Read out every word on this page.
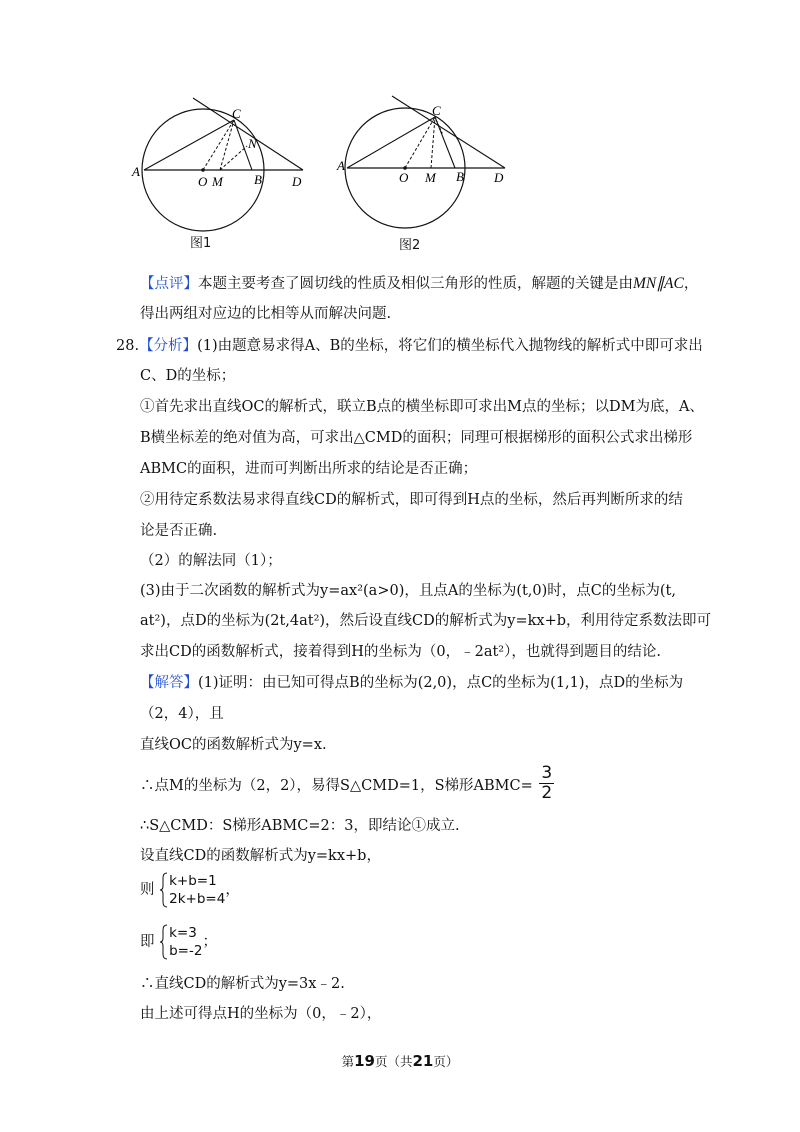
A
C
N
O M B D
图1
A
C
O M B D
图2
【点评】本题主要考查了圆切线的性质及相似三角形的性质，解题的关键是由MN∥AC，
得出两组对应边的比相等从而解决问题.
28.【分析】(1)由题意易求得A、B的坐标，将它们的横坐标代入抛物线的解析式中即可求出
C、D的坐标；
①首先求出直线OC的解析式，联立B点的横坐标即可求出M点的坐标；以DM为底，A、
B横坐标差的绝对值为高，可求出△CMD的面积；同理可根据梯形的面积公式求出梯形
ABMC的面积，进而可判断出所求的结论是否正确；
②用待定系数法易求得直线CD的解析式，即可得到H点的坐标，然后再判断所求的结
论是否正确.
（2）的解法同（1）；
(3)由于二次函数的解析式为y=ax²(a>0)，且点A的坐标为(t,0)时，点C的坐标为(t,
at²)，点D的坐标为(2t,4at²)，然后设直线CD的解析式为y=kx+b，利用待定系数法即可
求出CD的函数解析式，接着得到H的坐标为（0，﹣2at²），也就得到题目的结论.
【解答】(1)证明：由已知可得点B的坐标为(2,0)，点C的坐标为(1,1)，点D的坐标为
（2，4），且
直线OC的函数解析式为y=x.
∴点M的坐标为（2，2），易得S△CMD=1，S梯形ABMC= $\frac{3}{2}$
∴S△CMD：S梯形ABMC=2：3，即结论①成立.
设直线CD的函数解析式为y=kx+b，
则
k+b=1
2k+b=4
，
即
k=3
b=-2
；
∴直线CD的解析式为y=3x﹣2.
由上述可得点H的坐标为（0，﹣2），
第19页（共21页）
